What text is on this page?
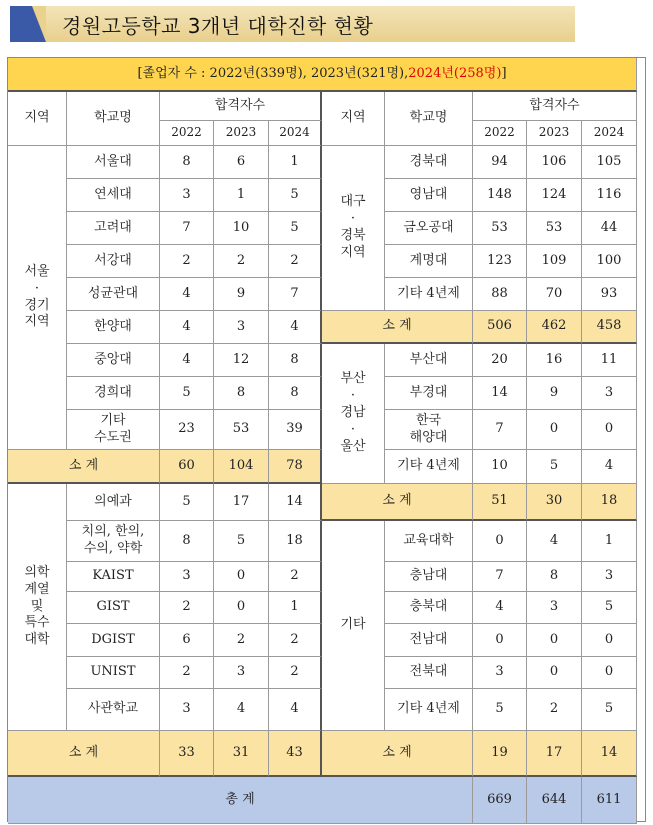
경원고등학교 3개년 대학진학 현황
[졸업자 수 : 2022년(339명), 2023년(321명), 2024년(258명) ]
지역	학교명
합격자수
2022	2023	2024
지역	학교명
합격자수
2022	2023	2024
서울
·
경기
지역
서울대	8	6	1
연세대	3	1	5
고려대	7	10	5
서강대	2	2	2
성균관대	4	9	7
한양대	4	3	4
중앙대	4	12	8
경희대	5	8	8
기타
수도권
23	53	39
소 계	60	104	78
의학
계열
및
특수
대학
의예과	5	17	14
치의, 한의,
수의, 약학
8	5	18
KAIST	3	0	2
GIST	2	0	1
DGIST	6	2	2
UNIST	2	3	2
사관학교	3	4	4
소 계	33	31	43
대구
·
경북
지역
경북대	94	106	105
영남대	148	124	116
금오공대	53	53	44
계명대	123	109	100
기타 4년제	88	70	93
소 계	506	462	458
부산
·
경남
·
울산
부산대	20	16	11
부경대	14	9	3
한국
해양대
7	0	0
기타 4년제	10	5	4
소 계	51	30	18
기타
교육대학	0	4	1
충남대	7	8	3
충북대	4	3	5
전남대	0	0	0
전북대	3	0	0
기타 4년제	5	2	5
소 계	19	17	14
총 계	669	644	611
